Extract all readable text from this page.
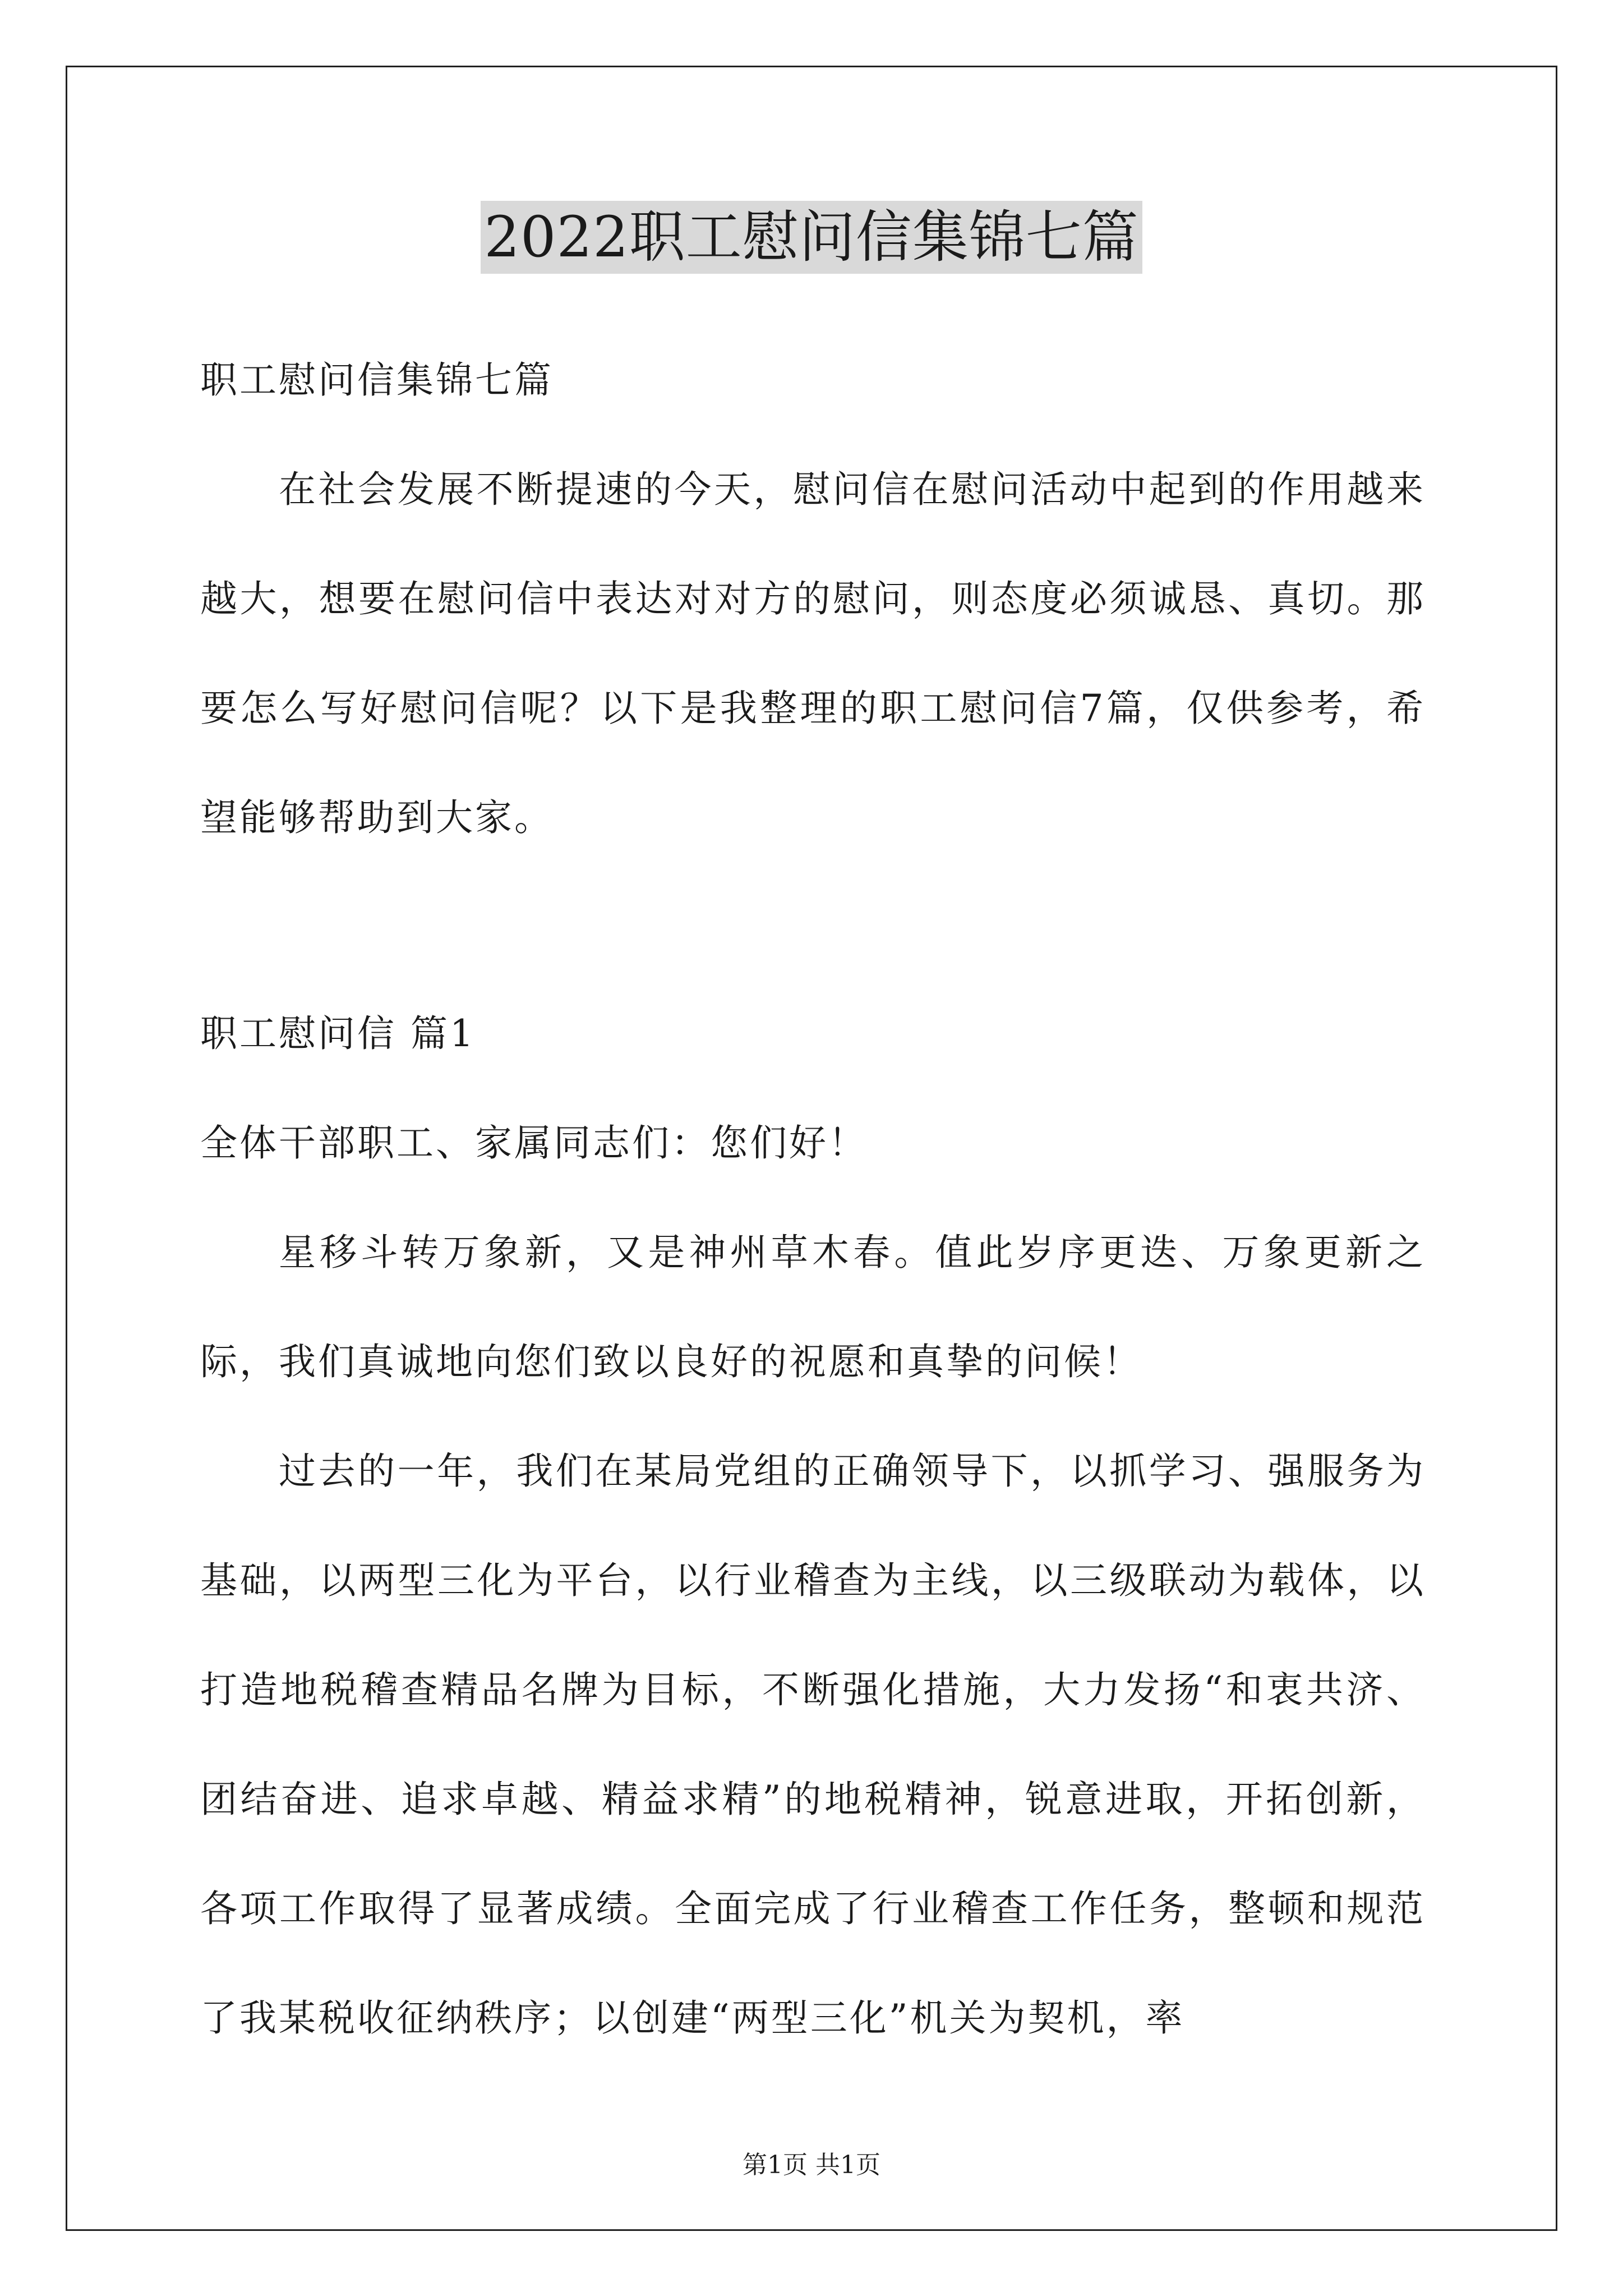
2022职工慰问信集锦七篇

职工慰问信集锦七篇

在社会发展不断提速的今天，慰问信在慰问活动中起到的作用越来越大，想要在慰问信中表达对对方的慰问，则态度必须诚恳、真切。那要怎么写好慰问信呢？以下是我整理的职工慰问信7篇，仅供参考，希望能够帮助到大家。

职工慰问信 篇1

全体干部职工、家属同志们：您们好！

星移斗转万象新，又是神州草木春。值此岁序更迭、万象更新之际，我们真诚地向您们致以良好的祝愿和真挚的问候！

过去的一年，我们在某局党组的正确领导下，以抓学习、强服务为基础，以两型三化为平台，以行业稽查为主线，以三级联动为载体，以打造地税稽查精品名牌为目标，不断强化措施，大力发扬“和衷共济、团结奋进、追求卓越、精益求精”的地税精神，锐意进取，开拓创新，各项工作取得了显著成绩。全面完成了行业稽查工作任务，整顿和规范了我某税收征纳秩序；以创建“两型三化”机关为契机，率

第1页 共1页
